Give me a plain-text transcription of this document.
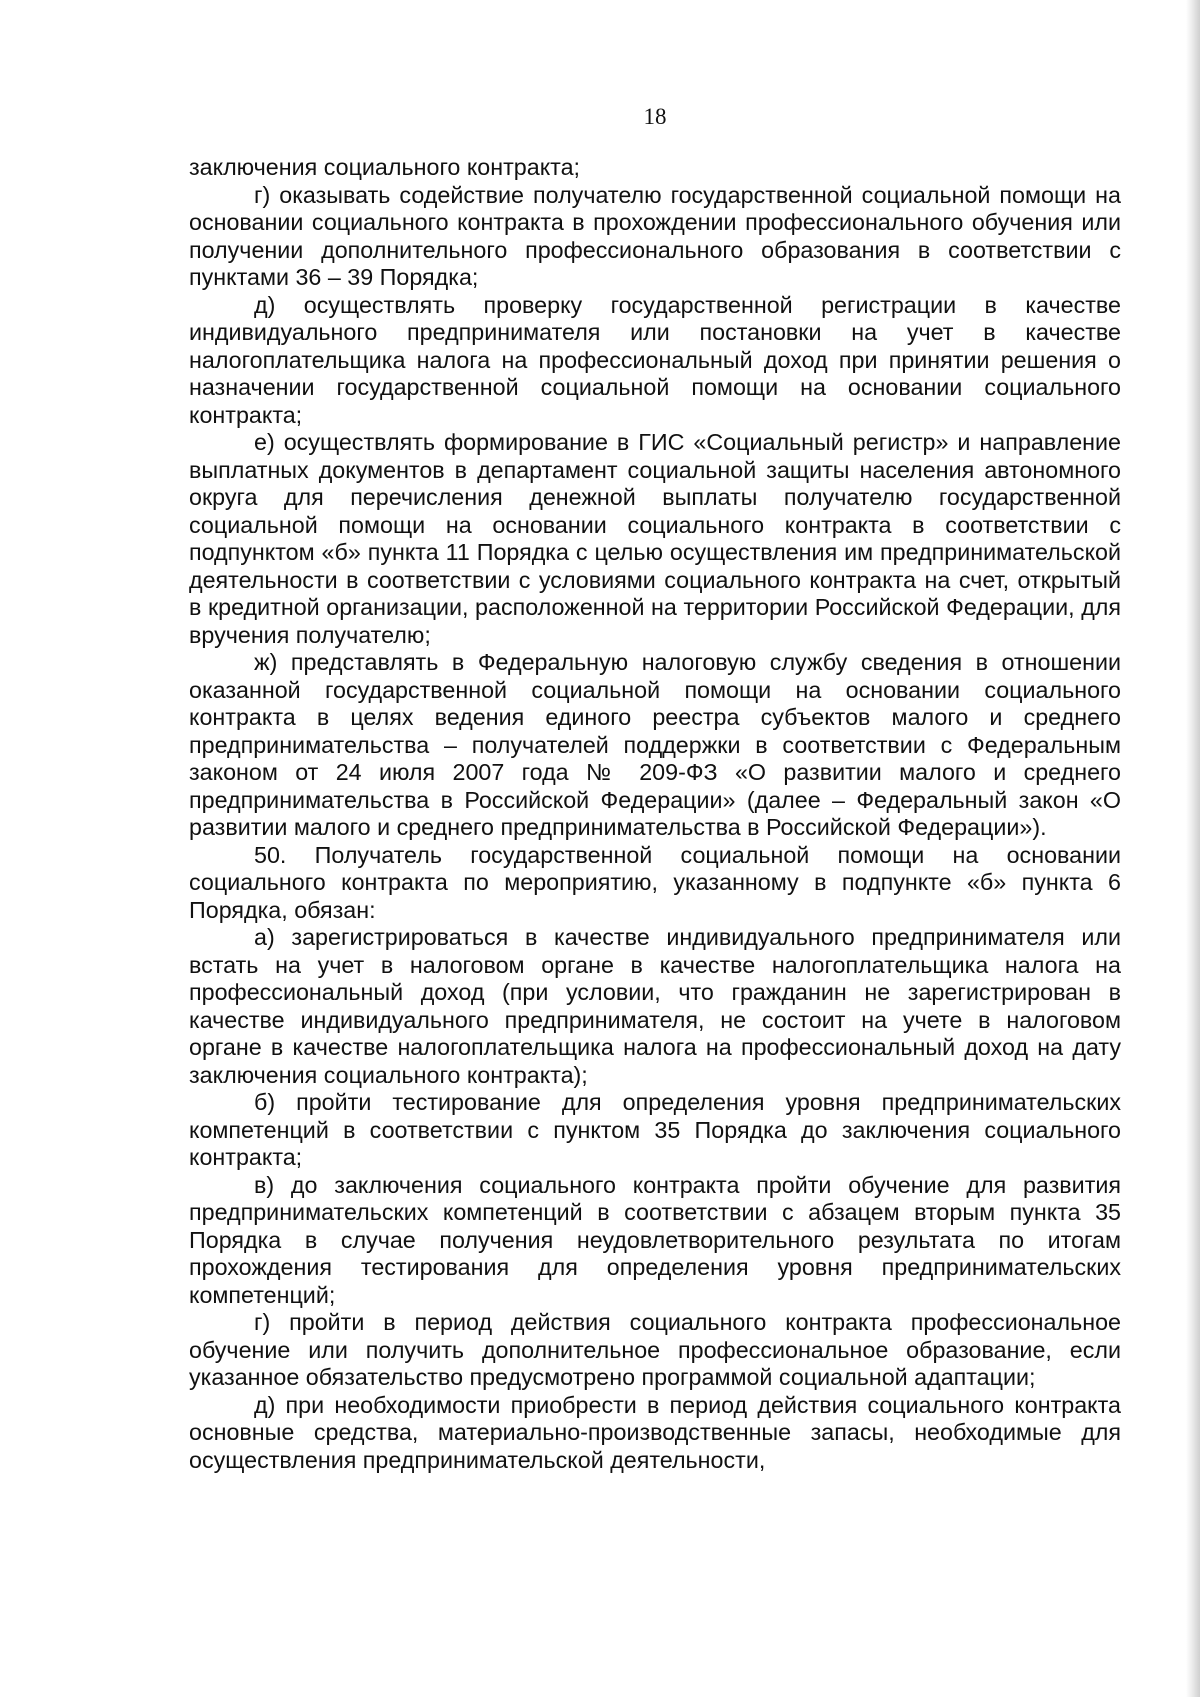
18

заключения социального контракта;

г) оказывать содействие получателю государственной социальной помощи на основании социального контракта в прохождении профессионального обучения или получении дополнительного профессионального образования в соответствии с пунктами 36 – 39 Порядка;

д) осуществлять проверку государственной регистрации в качестве индивидуального предпринимателя или постановки на учет в качестве налогоплательщика налога на профессиональный доход при принятии решения о назначении государственной социальной помощи на основании социального контракта;

е) осуществлять формирование в ГИС «Социальный регистр» и направление выплатных документов в департамент социальной защиты населения автономного округа для перечисления денежной выплаты получателю государственной социальной помощи на основании социального контракта в соответствии с подпунктом «б» пункта 11 Порядка с целью осуществления им предпринимательской деятельности в соответствии с условиями социального контракта на счет, открытый в кредитной организации, расположенной на территории Российской Федерации, для вручения получателю;

ж) представлять в Федеральную налоговую службу сведения в отношении оказанной государственной социальной помощи на основании социального контракта в целях ведения единого реестра субъектов малого и среднего предпринимательства – получателей поддержки в соответствии с Федеральным законом от 24 июля 2007 года № 209-ФЗ «О развитии малого и среднего предпринимательства в Российской Федерации» (далее – Федеральный закон «О развитии малого и среднего предпринимательства в Российской Федерации»).

50. Получатель государственной социальной помощи на основании социального контракта по мероприятию, указанному в подпункте «б» пункта 6 Порядка, обязан:

а) зарегистрироваться в качестве индивидуального предпринимателя или встать на учет в налоговом органе в качестве налогоплательщика налога на профессиональный доход (при условии, что гражданин не зарегистрирован в качестве индивидуального предпринимателя, не состоит на учете в налоговом органе в качестве налогоплательщика налога на профессиональный доход на дату заключения социального контракта);

б) пройти тестирование для определения уровня предпринимательских компетенций в соответствии с пунктом 35 Порядка до заключения социального контракта;

в) до заключения социального контракта пройти обучение для развития предпринимательских компетенций в соответствии с абзацем вторым пункта 35 Порядка в случае получения неудовлетворительного результата по итогам прохождения тестирования для определения уровня предпринимательских компетенций;

г) пройти в период действия социального контракта профессиональное обучение или получить дополнительное профессиональное образование, если указанное обязательство предусмотрено программой социальной адаптации;

д) при необходимости приобрести в период действия социального контракта основные средства, материально-производственные запасы, необходимые для осуществления предпринимательской деятельности,
